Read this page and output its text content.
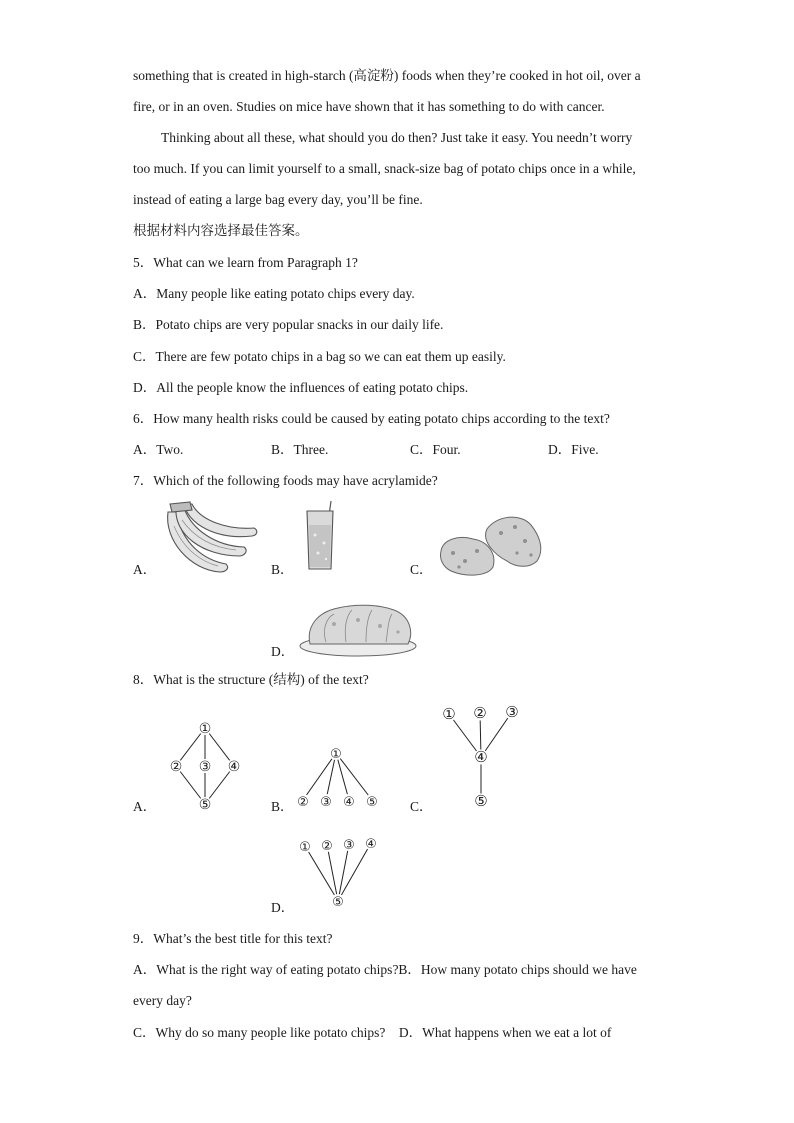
something that is created in high-starch (高淀粉) foods when they’re cooked in hot oil, over a
fire, or in an oven. Studies on mice have shown that it has something to do with cancer.
Thinking about all these, what should you do then? Just take it easy. You needn’t worry
too much. If you can limit yourself to a small, snack-size bag of potato chips once in a while,
instead of eating a large bag every day, you’ll be fine.
根据材料内容选择最佳答案。
5．What can we learn from Paragraph 1?
A．Many people like eating potato chips every day.
B．Potato chips are very popular snacks in our daily life.
C．There are few potato chips in a bag so we can eat them up easily.
D．All the people know the influences of eating potato chips.
6．How many health risks could be caused by eating potato chips according to the text?
A．Two.	B．Three.	C．Four.	D．Five.
7．Which of the following foods may have acrylamide?
A．	B．	C．
D．
8．What is the structure (结构) of the text?
A．	B．	C．
D．
①
② ③ ④
⑤
①
② ③ ④ ⑤
① ② ③
④
⑤
① ② ③ ④
⑤
9．What’s the best title for this text?
A．What is the right way of eating potato chips?B．How many potato chips should we have
every day?
C．Why do so many people like potato chips?　D．What happens when we eat a lot of
